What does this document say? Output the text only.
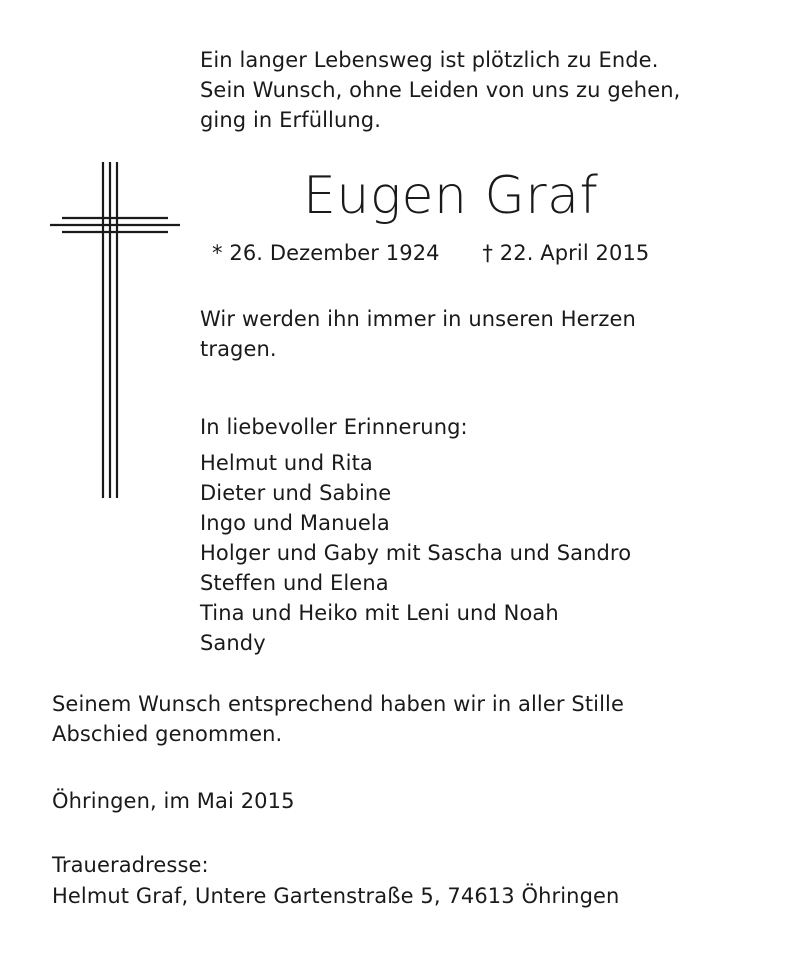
Ein langer Lebensweg ist plötzlich zu Ende.
Sein Wunsch, ohne Leiden von uns zu gehen,
ging in Erfüllung.
Eugen Graf
* 26. Dezember 1924 † 22. April 2015
Wir werden ihn immer in unseren Herzen
tragen.
In liebevoller Erinnerung:
Helmut und Rita
Dieter und Sabine
Ingo und Manuela
Holger und Gaby mit Sascha und Sandro
Steffen und Elena
Tina und Heiko mit Leni und Noah
Sandy
Seinem Wunsch entsprechend haben wir in aller Stille
Abschied genommen.
Öhringen, im Mai 2015
Traueradresse:
Helmut Graf, Untere Gartenstraße 5, 74613 Öhringen
